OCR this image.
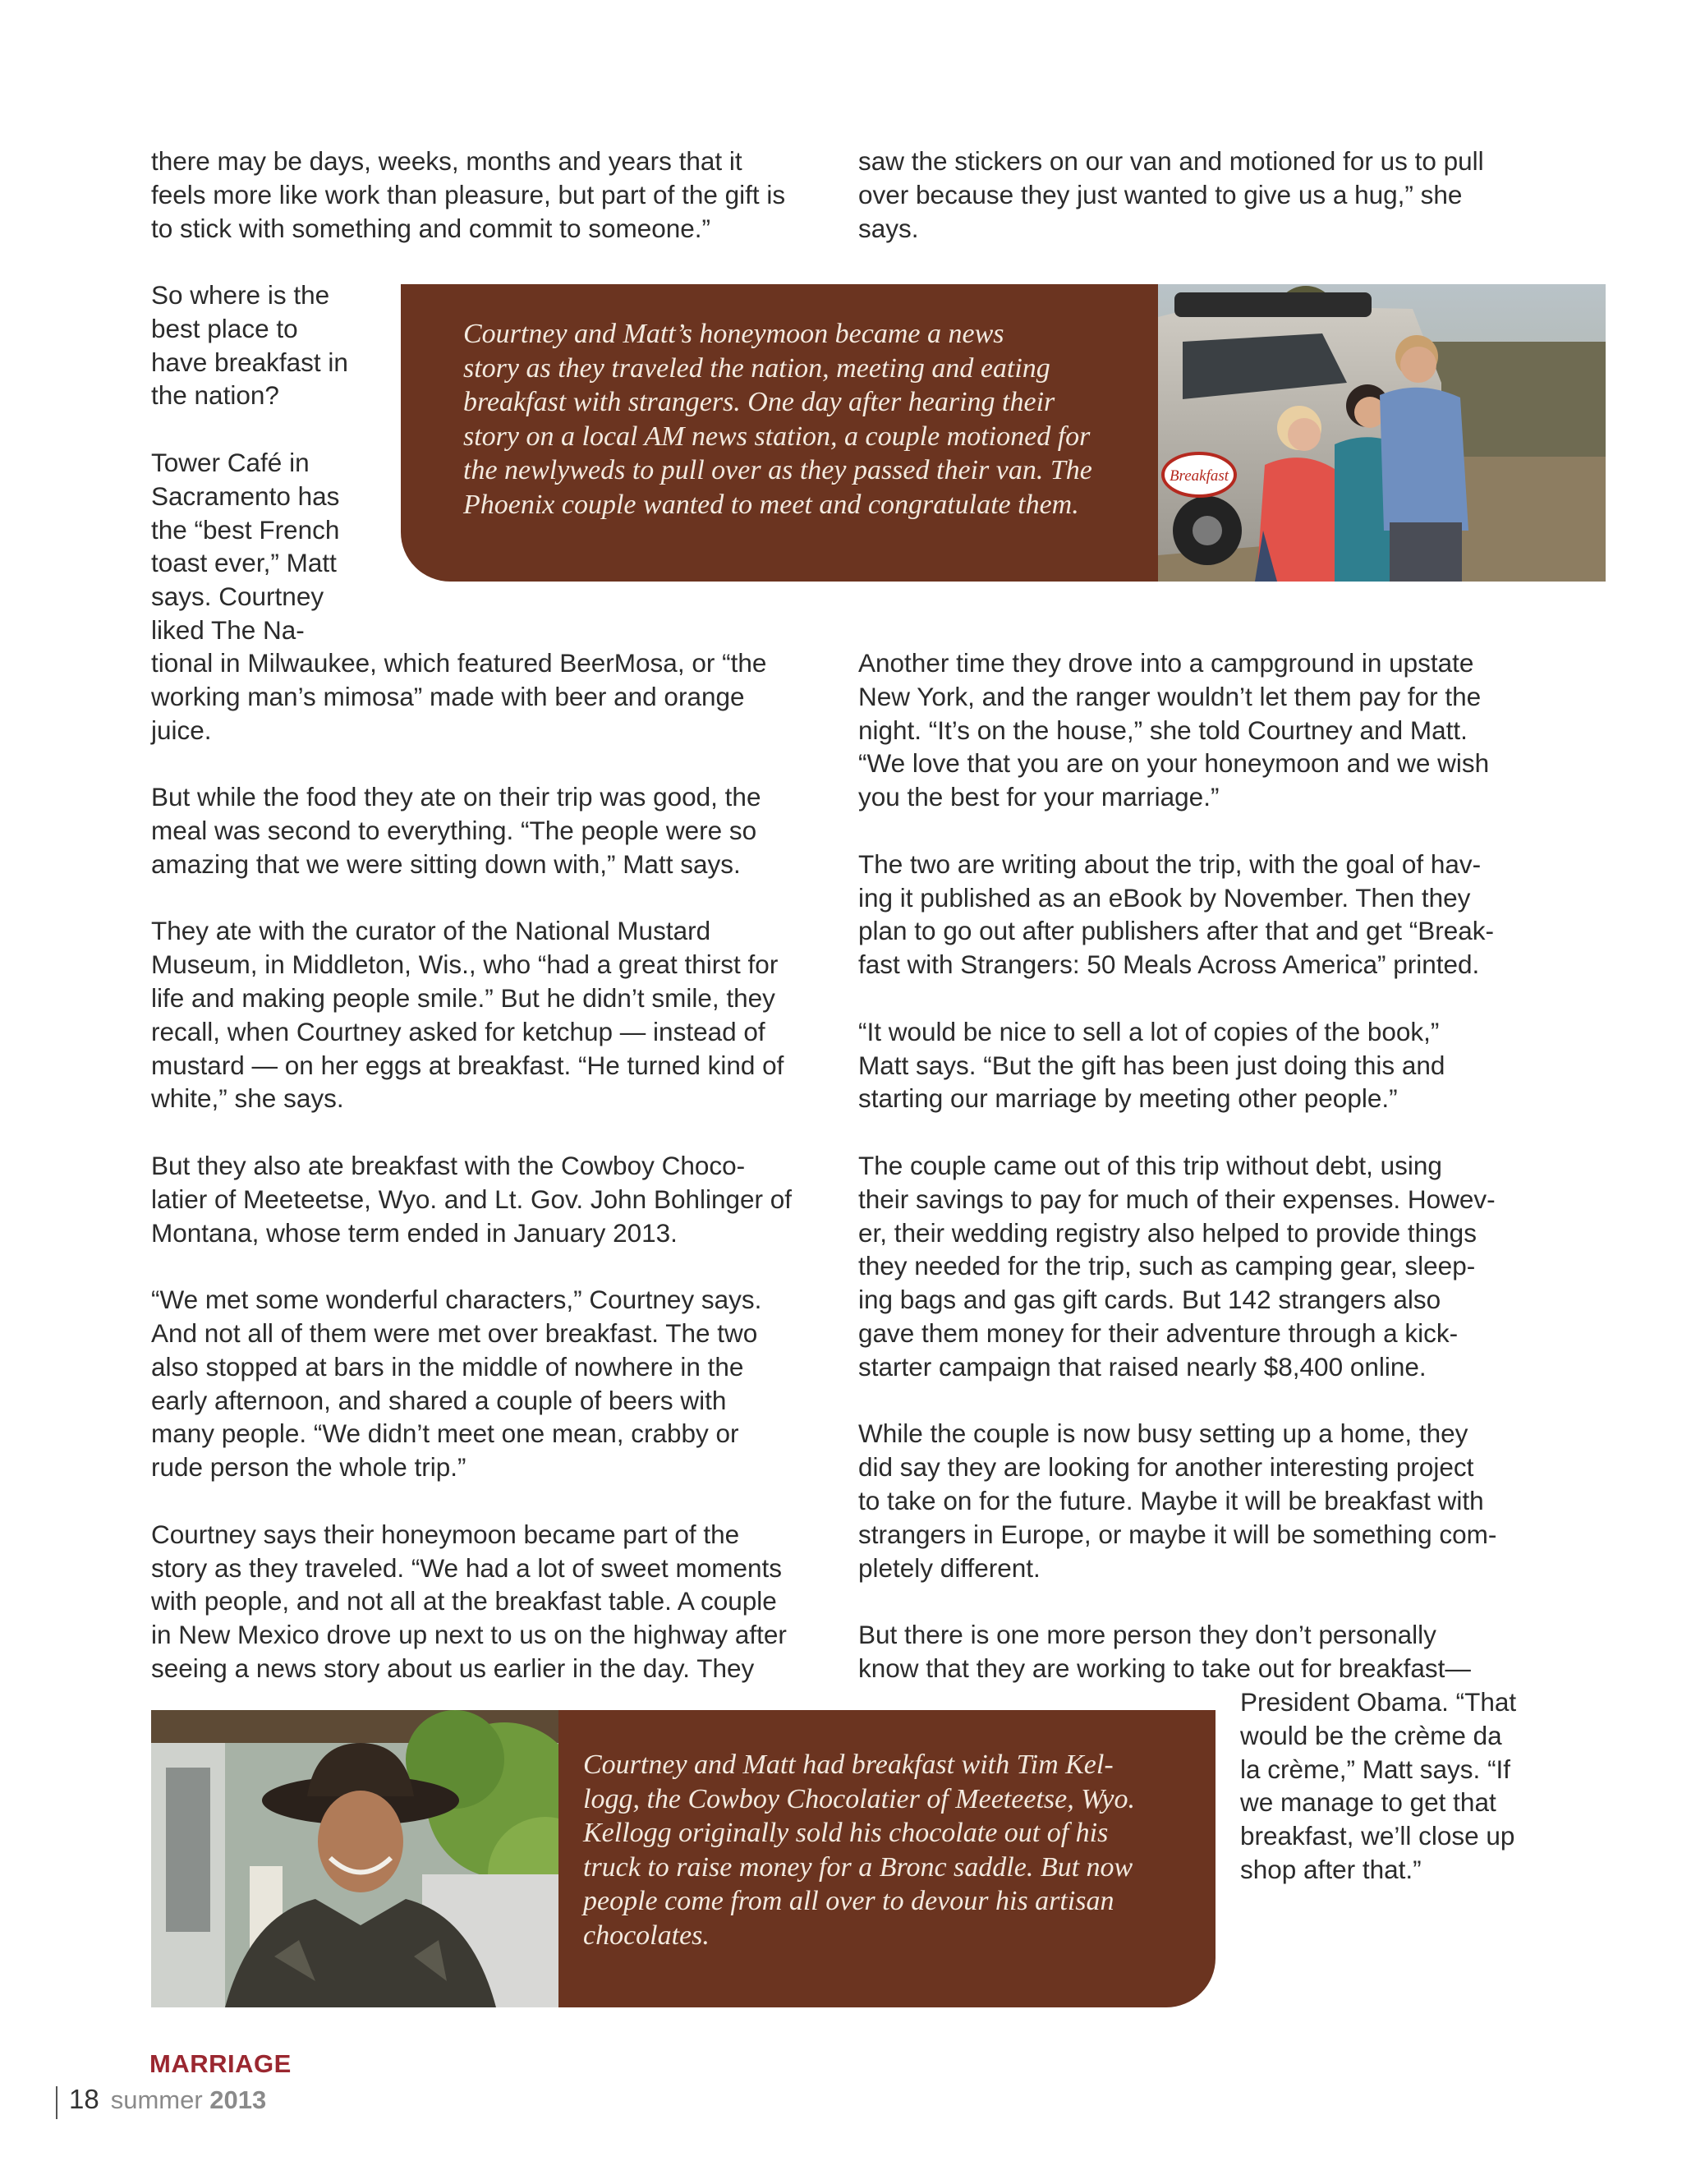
there may be days, weeks, months and years that it
feels more like work than pleasure, but part of the gift is
to stick with something and commit to someone.”
So where is the
best place to
have breakfast in
the nation?

Tower Café in
Sacramento has
the “best French
toast ever,” Matt
says. Courtney
liked The Na-
tional in Milwaukee, which featured BeerMosa, or “the
working man’s mimosa” made with beer and orange
juice.

But while the food they ate on their trip was good, the
meal was second to everything. “The people were so
amazing that we were sitting down with,” Matt says.

They ate with the curator of the National Mustard
Museum, in Middleton, Wis., who “had a great thirst for
life and making people smile.” But he didn’t smile, they
recall, when Courtney asked for ketchup — instead of
mustard — on her eggs at breakfast. “He turned kind of
white,” she says.

But they also ate breakfast with the Cowboy Choco-
latier of Meeteetse, Wyo. and Lt. Gov. John Bohlinger of
Montana, whose term ended in January 2013.

“We met some wonderful characters,” Courtney says.
And not all of them were met over breakfast. The two
also stopped at bars in the middle of nowhere in the
early afternoon, and shared a couple of beers with
many people. “We didn’t meet one mean, crabby or
rude person the whole trip.”

Courtney says their honeymoon became part of the
story as they traveled. “We had a lot of sweet moments
with people, and not all at the breakfast table. A couple
in New Mexico drove up next to us on the highway after
seeing a news story about us earlier in the day. They
saw the stickers on our van and motioned for us to pull
over because they just wanted to give us a hug,” she
says.
Another time they drove into a campground in upstate
New York, and the ranger wouldn’t let them pay for the
night. “It’s on the house,” she told Courtney and Matt.
“We love that you are on your honeymoon and we wish
you the best for your marriage.”

The two are writing about the trip, with the goal of hav-
ing it published as an eBook by November. Then they
plan to go out after publishers after that and get “Break-
fast with Strangers: 50 Meals Across America” printed.

“It would be nice to sell a lot of copies of the book,”
Matt says. “But the gift has been just doing this and
starting our marriage by meeting other people.”

The couple came out of this trip without debt, using
their savings to pay for much of their expenses. Howev-
er, their wedding registry also helped to provide things
they needed for the trip, such as camping gear, sleep-
ing bags and gas gift cards. But 142 strangers also
gave them money for their adventure through a kick-
starter campaign that raised nearly $8,400 online.

While the couple is now busy setting up a home, they
did say they are looking for another interesting project
to take on for the future. Maybe it will be breakfast with
strangers in Europe, or maybe it will be something com-
pletely different.

But there is one more person they don’t personally
know that they are working to take out for breakfast—
President Obama. “That
would be the crème da
la crème,” Matt says. “If
we manage to get that
breakfast, we’ll close up
shop after that.”
Courtney and Matt’s honeymoon became a news
story as they traveled the nation, meeting and eating
breakfast with strangers. One day after hearing their
story on a local AM news station, a couple motioned for
the newlyweds to pull over as they passed their van. The
Phoenix couple wanted to meet and congratulate them.
Breakfast
Courtney and Matt had breakfast with Tim Kel-
logg, the Cowboy Chocolatier of Meeteetse, Wyo.
Kellogg originally sold his chocolate out of his
truck to raise money for a Bronc saddle. But now
people come from all over to devour his artisan
chocolates.
MARRIAGE
18 summer 2013
